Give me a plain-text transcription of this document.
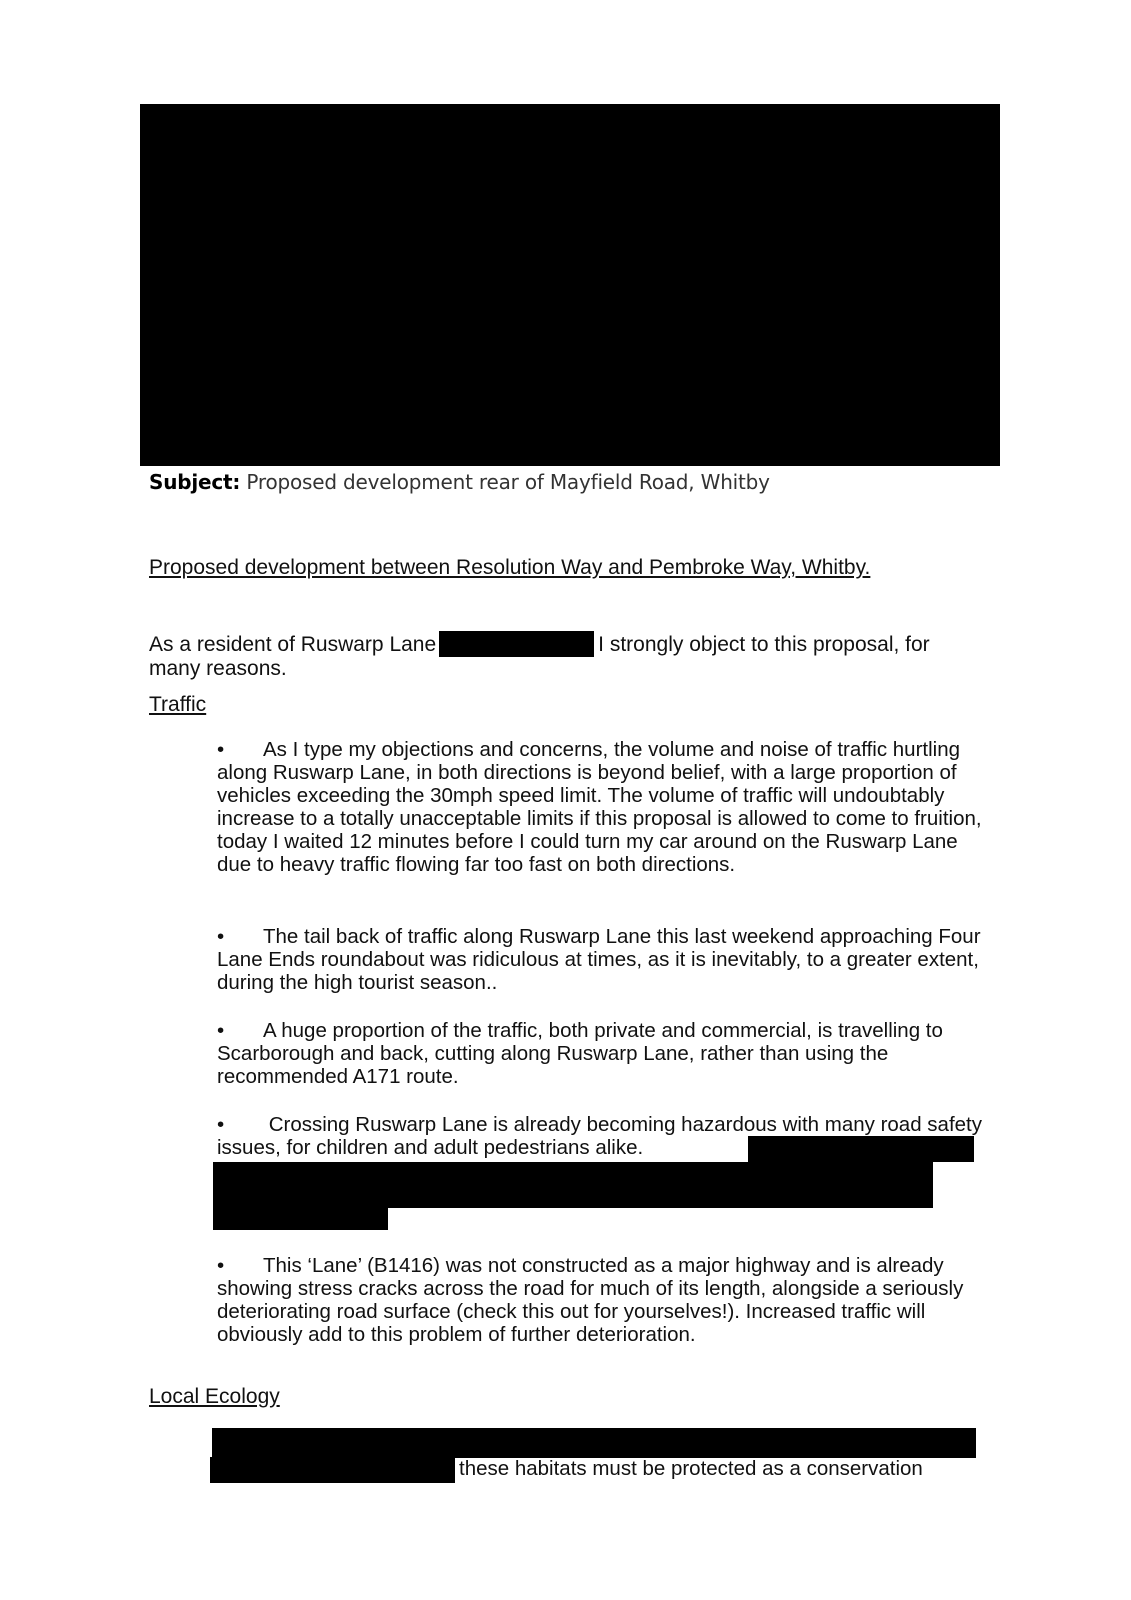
Subject: Proposed development rear of Mayfield Road, Whitby
Proposed development between Resolution Way and Pembroke Way, Whitby.
As a resident of Ruswarp Lane	I strongly object to this proposal, for
many reasons.
Traffic
• As I type my objections and concerns, the volume and noise of traffic hurtling along Ruswarp Lane, in both directions is beyond belief, with a large proportion of vehicles exceeding the 30mph speed limit. The volume of traffic will undoubtably increase to a totally unacceptable limits if this proposal is allowed to come to fruition, today I waited 12 minutes before I could turn my car around on the Ruswarp Lane due to heavy traffic flowing far too fast on both directions.
• The tail back of traffic along Ruswarp Lane this last weekend approaching Four Lane Ends roundabout was ridiculous at times, as it is inevitably, to a greater extent, during the high tourist season..
• A huge proportion of the traffic, both private and commercial, is travelling to Scarborough and back, cutting along Ruswarp Lane, rather than using the recommended A171 route.
• Crossing Ruswarp Lane is already becoming hazardous with many road safety issues, for children and adult pedestrians alike.
• This ‘Lane’ (B1416) was not constructed as a major highway and is already showing stress cracks across the road for much of its length, alongside a seriously deteriorating road surface (check this out for yourselves!). Increased traffic will obviously add to this problem of further deterioration.
Local Ecology
these habitats must be protected as a conservation
